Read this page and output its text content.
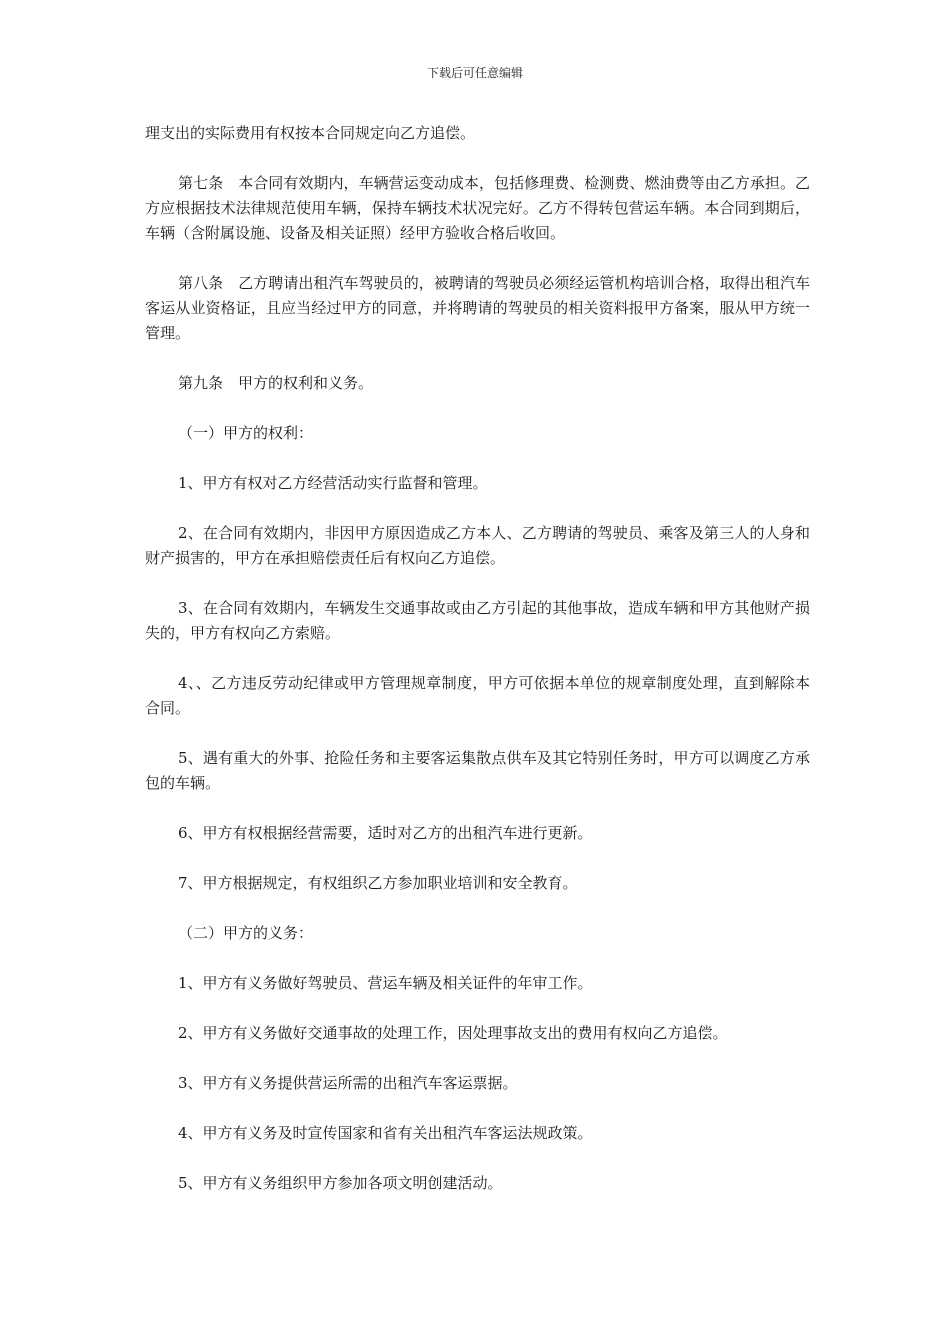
下载后可任意编辑

理支出的实际费用有权按本合同规定向乙方追偿。

第七条　本合同有效期内，车辆营运变动成本，包括修理费、检测费、燃油费等由乙方承担。乙方应根据技术法律规范使用车辆，保持车辆技术状况完好。乙方不得转包营运车辆。本合同到期后，车辆（含附属设施、设备及相关证照）经甲方验收合格后收回。

第八条　乙方聘请出租汽车驾驶员的，被聘请的驾驶员必须经运管机构培训合格，取得出租汽车客运从业资格证，且应当经过甲方的同意，并将聘请的驾驶员的相关资料报甲方备案，服从甲方统一管理。

第九条　甲方的权利和义务。

（一）甲方的权利：

1、甲方有权对乙方经营活动实行监督和管理。

2、在合同有效期内，非因甲方原因造成乙方本人、乙方聘请的驾驶员、乘客及第三人的人身和财产损害的，甲方在承担赔偿责任后有权向乙方追偿。

3、在合同有效期内，车辆发生交通事故或由乙方引起的其他事故，造成车辆和甲方其他财产损失的，甲方有权向乙方索赔。

4、、乙方违反劳动纪律或甲方管理规章制度，甲方可依据本单位的规章制度处理，直到解除本合同。

5、遇有重大的外事、抢险任务和主要客运集散点供车及其它特别任务时，甲方可以调度乙方承包的车辆。

6、甲方有权根据经营需要，适时对乙方的出租汽车进行更新。

7、甲方根据规定，有权组织乙方参加职业培训和安全教育。

（二）甲方的义务：

1、甲方有义务做好驾驶员、营运车辆及相关证件的年审工作。

2、甲方有义务做好交通事故的处理工作，因处理事故支出的费用有权向乙方追偿。

3、甲方有义务提供营运所需的出租汽车客运票据。

4、甲方有义务及时宣传国家和省有关出租汽车客运法规政策。

5、甲方有义务组织甲方参加各项文明创建活动。
